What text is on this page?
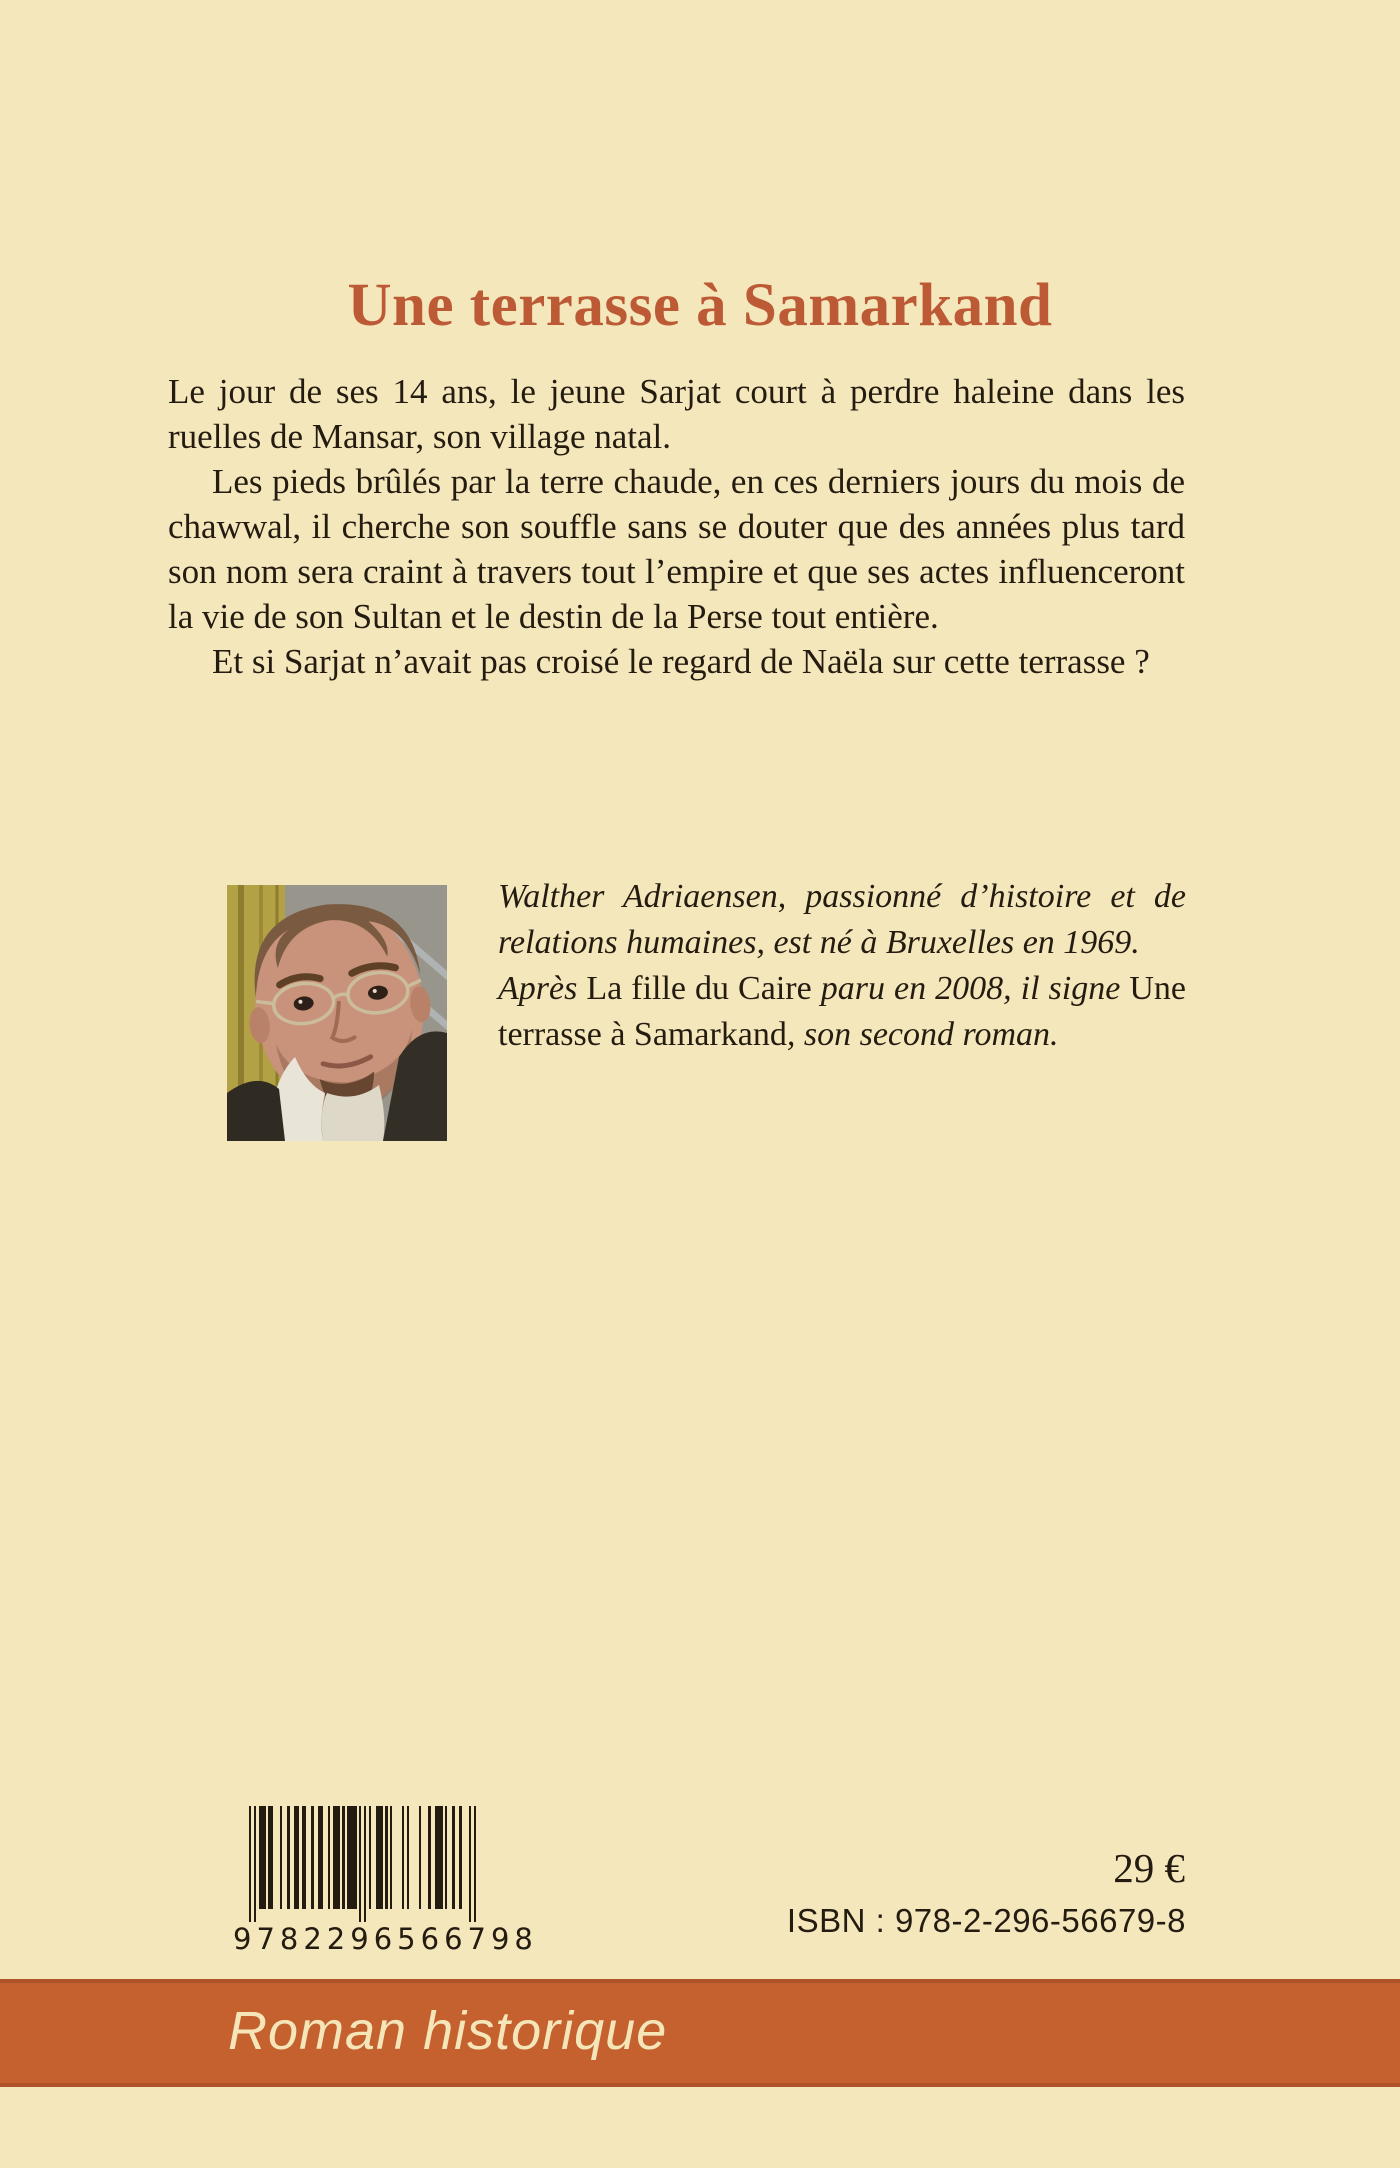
Une terrasse à Samarkand

Le jour de ses 14 ans, le jeune Sarjat court à perdre haleine dans les ruelles de Mansar, son village natal.

Les pieds brûlés par la terre chaude, en ces derniers jours du mois de chawwal, il cherche son souffle sans se douter que des années plus tard son nom sera craint à travers tout l’empire et que ses actes influenceront la vie de son Sultan et le destin de la Perse tout entière.

Et si Sarjat n’avait pas croisé le regard de Naëla sur cette terrasse ?

Walther Adriaensen, passionné d’histoire et de relations humaines, est né à Bruxelles en 1969.

Après La fille du Caire paru en 2008, il signe Une terrasse à Samarkand, son second roman.

9 782296 566798
29 €
ISBN : 978-2-296-56679-8
Roman historique
